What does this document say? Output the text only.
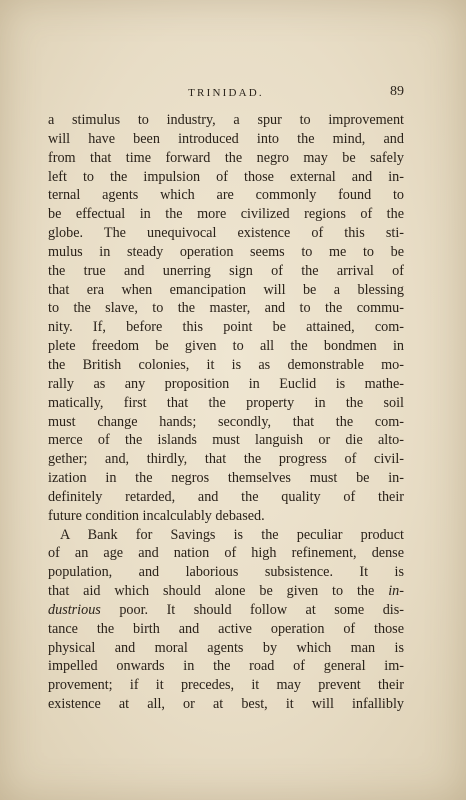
TRINIDAD.	89
a stimulus to industry, a spur to improvement
will have been introduced into the mind, and
from that time forward the negro may be safely
left to the impulsion of those external and in-
ternal agents which are commonly found to
be effectual in the more civilized regions of the
globe. The unequivocal existence of this sti-
mulus in steady operation seems to me to be
the true and unerring sign of the arrival of
that era when emancipation will be a blessing
to the slave, to the master, and to the commu-
nity. If, before this point be attained, com-
plete freedom be given to all the bondmen in
the British colonies, it is as demonstrable mo-
rally as any proposition in Euclid is mathe-
matically, first that the property in the soil
must change hands; secondly, that the com-
merce of the islands must languish or die alto-
gether; and, thirdly, that the progress of civil-
ization in the negros themselves must be in-
definitely retarded, and the quality of their
future condition incalculably debased.
A Bank for Savings is the peculiar product
of an age and nation of high refinement, dense
population, and laborious subsistence. It is
that aid which should alone be given to the in-
dustrious poor. It should follow at some dis-
tance the birth and active operation of those
physical and moral agents by which man is
impelled onwards in the road of general im-
provement; if it precedes, it may prevent their
existence at all, or at best, it will infallibly
